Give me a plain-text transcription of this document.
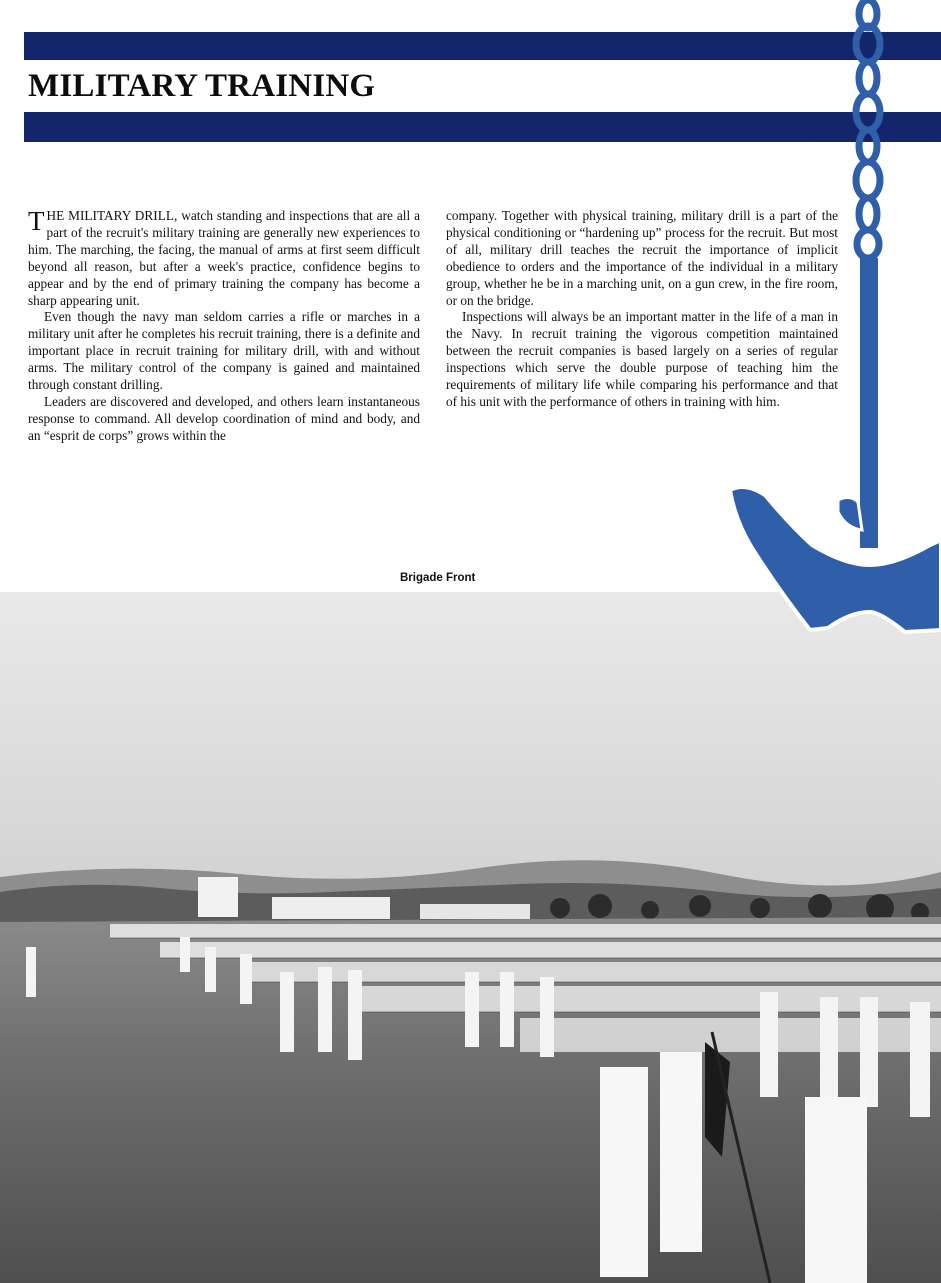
MILITARY TRAINING

THE MILITARY DRILL, watch standing and inspections that are all a part of the recruit's military training are generally new experiences to him. The marching, the facing, the manual of arms at first seem difficult beyond all reason, but after a week's practice, confidence begins to appear and by the end of primary training the company has become a sharp appearing unit.

Even though the navy man seldom carries a rifle or marches in a military unit after he completes his recruit training, there is a definite and important place in recruit training for military drill, with and without arms. The military control of the company is gained and maintained through constant drilling.

Leaders are discovered and developed, and others learn instantaneous response to command. All develop coordination of mind and body, and an “esprit de corps” grows within the

company. Together with physical training, military drill is a part of the physical conditioning or “hardening up” process for the recruit. But most of all, military drill teaches the recruit the importance of implicit obedience to orders and the importance of the individual in a military group, whether he be in a marching unit, on a gun crew, in the fire room, or on the bridge.

Inspections will always be an important matter in the life of a man in the Navy. In recruit training the vigorous competition maintained between the recruit companies is based largely on a series of regular inspections which serve the double purpose of teaching him the requirements of military life while comparing his performance and that of his unit with the performance of others in training with him.

Brigade Front
